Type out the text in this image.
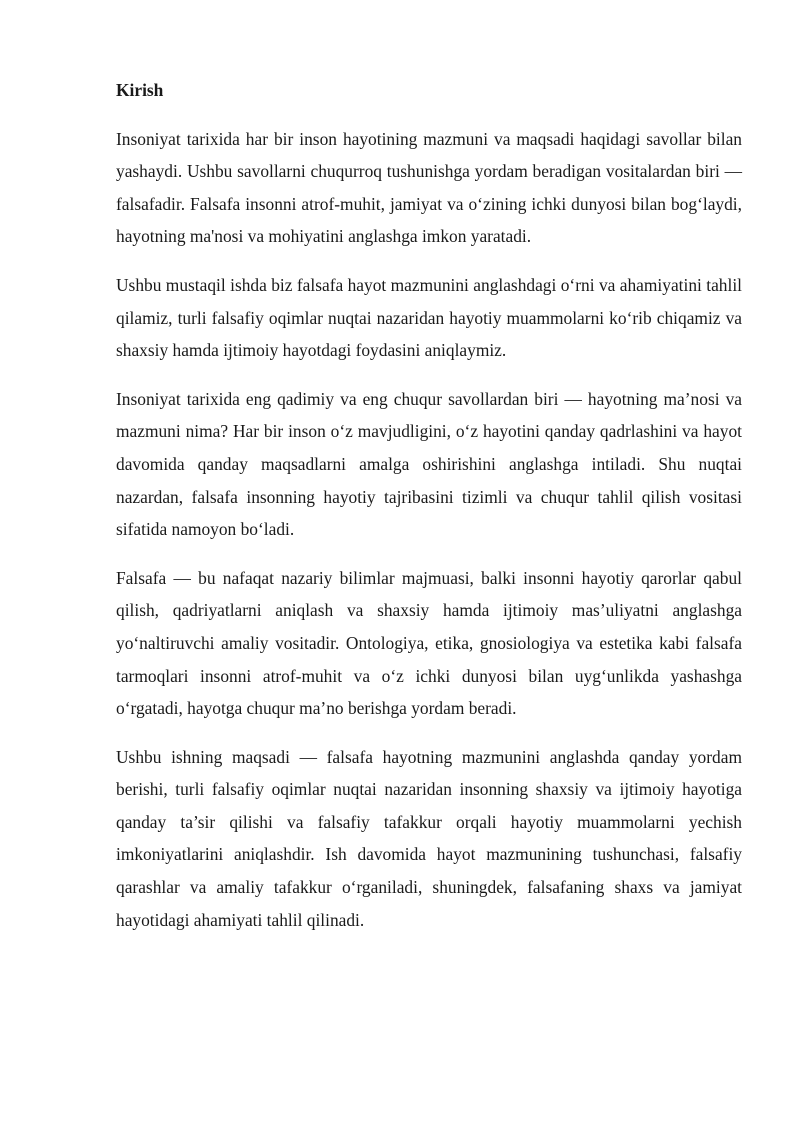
Kirish

Insoniyat tarixida har bir inson hayotining mazmuni va maqsadi haqidagi savollar bilan yashaydi. Ushbu savollarni chuqurroq tushunishga yordam beradigan vositalardan biri — falsafadir. Falsafa insonni atrof-muhit, jamiyat va o‘zining ichki dunyosi bilan bog‘laydi, hayotning ma'nosi va mohiyatini anglashga imkon yaratadi.

Ushbu mustaqil ishda biz falsafa hayot mazmunini anglashdagi o‘rni va ahamiyatini tahlil qilamiz, turli falsafiy oqimlar nuqtai nazaridan hayotiy muammolarni ko‘rib chiqamiz va shaxsiy hamda ijtimoiy hayotdagi foydasini aniqlaymiz.

Insoniyat tarixida eng qadimiy va eng chuqur savollardan biri — hayotning ma’nosi va mazmuni nima? Har bir inson o‘z mavjudligini, o‘z hayotini qanday qadrlashini va hayot davomida qanday maqsadlarni amalga oshirishini anglashga intiladi. Shu nuqtai nazardan, falsafa insonning hayotiy tajribasini tizimli va chuqur tahlil qilish vositasi sifatida namoyon bo‘ladi.

Falsafa — bu nafaqat nazariy bilimlar majmuasi, balki insonni hayotiy qarorlar qabul qilish, qadriyatlarni aniqlash va shaxsiy hamda ijtimoiy mas’uliyatni anglashga yo‘naltiruvchi amaliy vositadir. Ontologiya, etika, gnosiologiya va estetika kabi falsafa tarmoqlari insonni atrof-muhit va o‘z ichki dunyosi bilan uyg‘unlikda yashashga o‘rgatadi, hayotga chuqur ma’no berishga yordam beradi.

Ushbu ishning maqsadi — falsafa hayotning mazmunini anglashda qanday yordam berishi, turli falsafiy oqimlar nuqtai nazaridan insonning shaxsiy va ijtimoiy hayotiga qanday ta’sir qilishi va falsafiy tafakkur orqali hayotiy muammolarni yechish imkoniyatlarini aniqlashdir. Ish davomida hayot mazmunining tushunchasi, falsafiy qarashlar va amaliy tafakkur o‘rganiladi, shuningdek, falsafaning shaxs va jamiyat hayotidagi ahamiyati tahlil qilinadi.
